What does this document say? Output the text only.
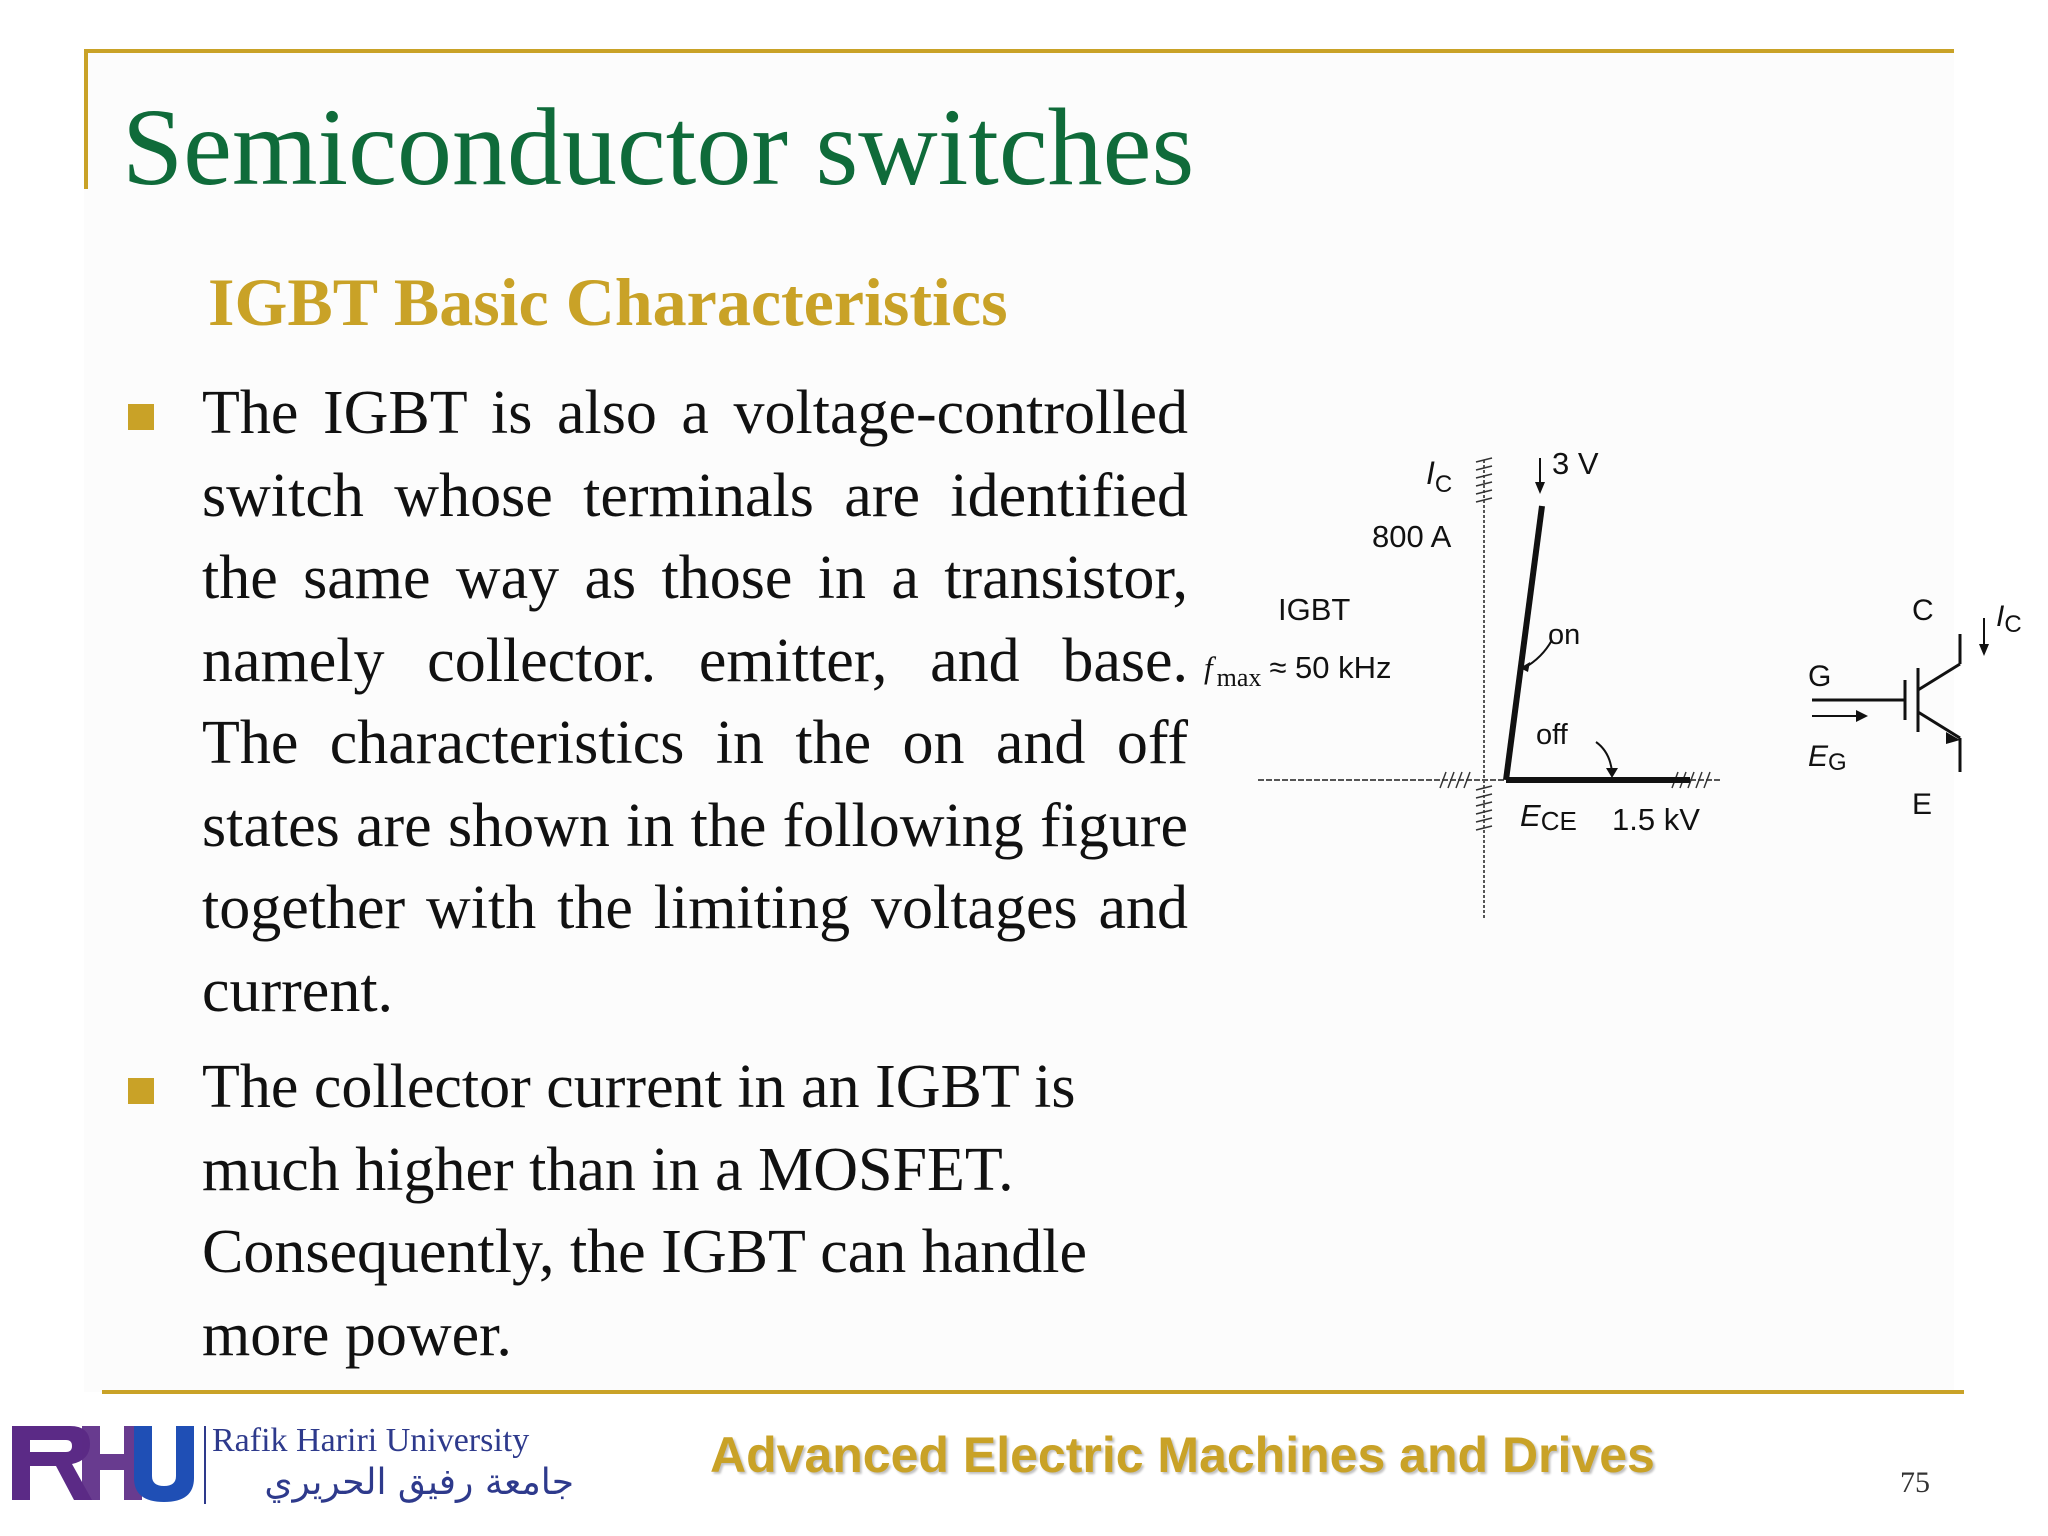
Semiconductor switches
IGBT Basic Characteristics
The IGBT is also a voltage-controlled switch whose terminals are identified the same way as those in a transistor, namely collector. emitter, and base. The characteristics in the on and off states are shown in the following figure together with the limiting voltages and current.
The collector current in an IGBT is much higher than in a MOSFET. Consequently, the IGBT can handle more power.
$I_C$
3 V
800 A
IGBT
on
f $_{max}$ ≈ 50 kHz
off
ECE 1.5 kV
C $I_C$
G
EG
E
Rafik Hariri University
جامعة رفيق الحريري	Advanced Electric Machines and Drives	75
